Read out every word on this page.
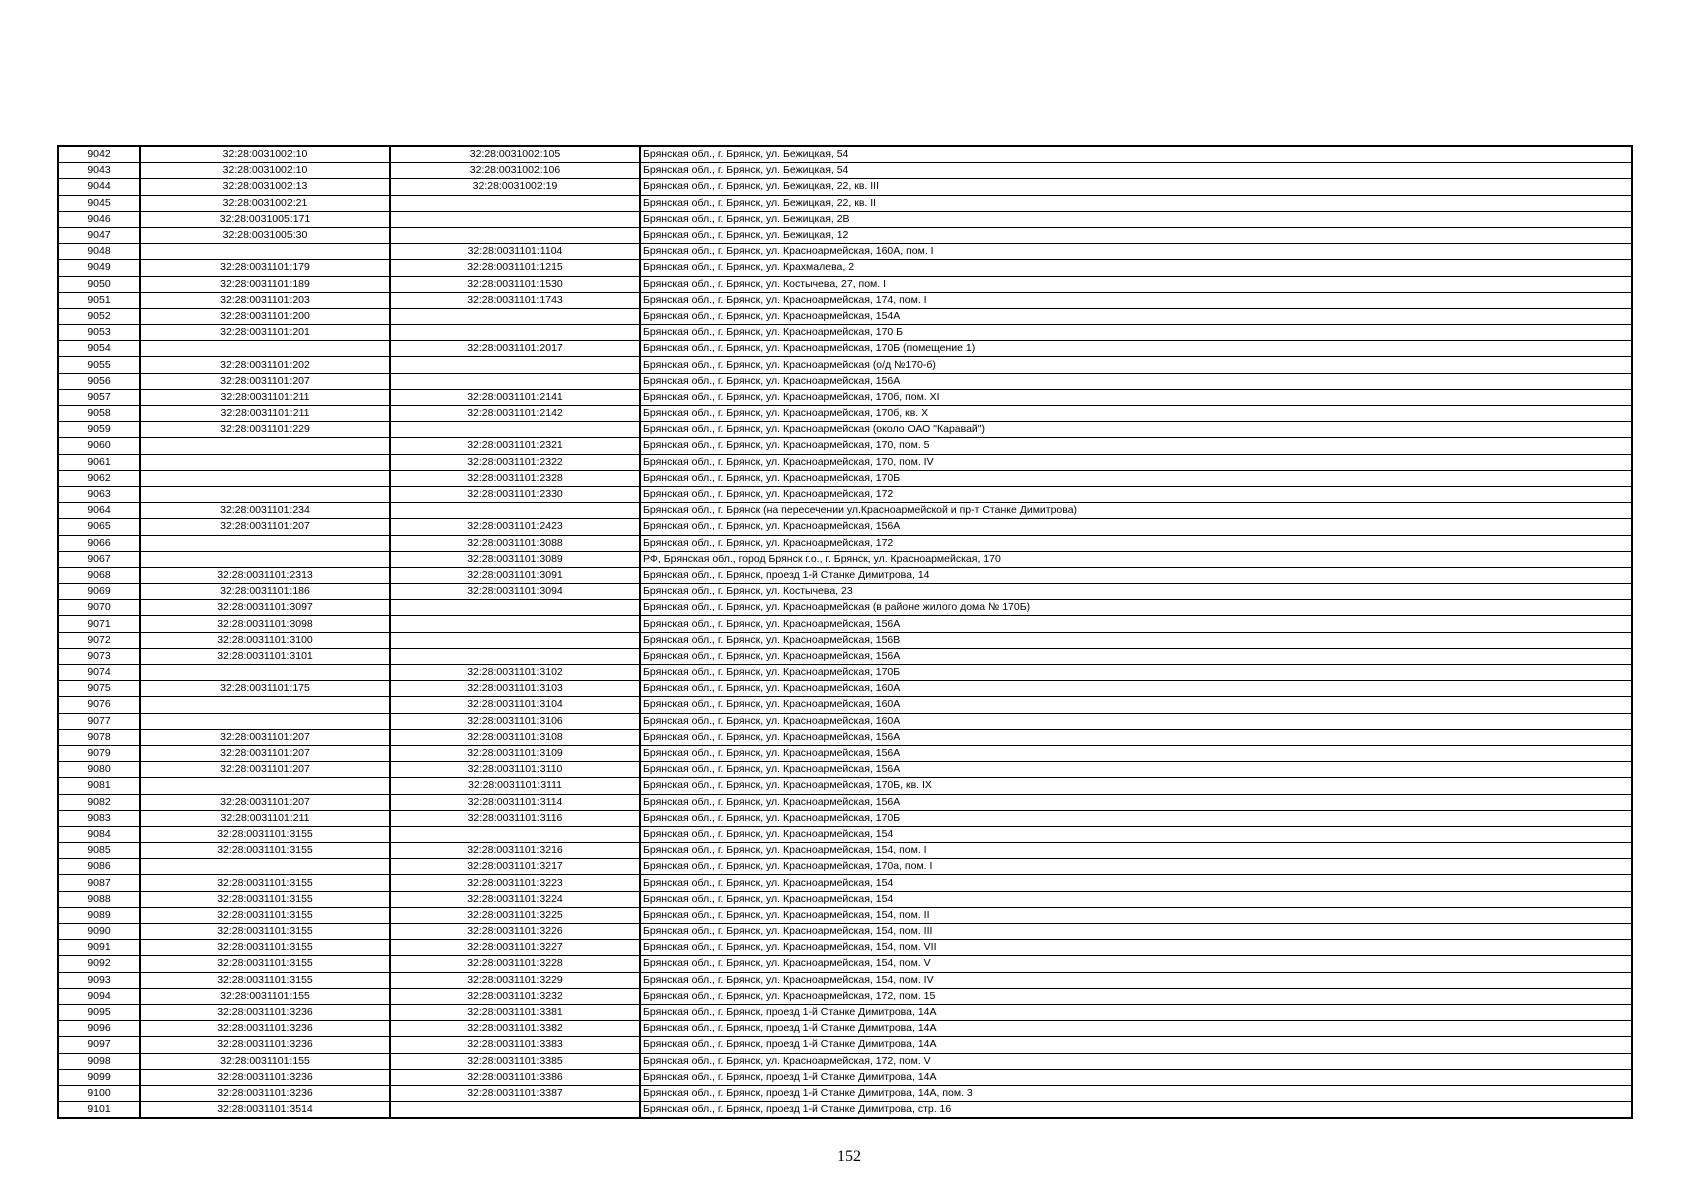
9042	32:28:0031002:10	32:28:0031002:105	Брянская обл., г. Брянск, ул. Бежицкая, 54
9043	32:28:0031002:10	32:28:0031002:106	Брянская обл., г. Брянск, ул. Бежицкая, 54
9044	32:28:0031002:13	32:28:0031002:19	Брянская обл., г. Брянск, ул. Бежицкая, 22, кв. III
9045	32:28:0031002:21		Брянская обл., г. Брянск, ул. Бежицкая, 22, кв. II
9046	32:28:0031005:171		Брянская обл., г. Брянск, ул. Бежицкая, 2В
9047	32:28:0031005:30		Брянская обл., г. Брянск, ул. Бежицкая, 12
9048		32:28:0031101:1104	Брянская обл., г. Брянск, ул. Красноармейская, 160А, пом. I
9049	32:28:0031101:179	32:28:0031101:1215	Брянская обл., г. Брянск, ул. Крахмалева, 2
9050	32:28:0031101:189	32:28:0031101:1530	Брянская обл., г. Брянск, ул. Костычева, 27, пом. I
9051	32:28:0031101:203	32:28:0031101:1743	Брянская обл., г. Брянск, ул. Красноармейская, 174, пом. I
9052	32:28:0031101:200		Брянская обл., г. Брянск, ул. Красноармейская, 154А
9053	32:28:0031101:201		Брянская обл., г. Брянск, ул. Красноармейская, 170 Б
9054		32:28:0031101:2017	Брянская обл., г. Брянск, ул. Красноармейская, 170Б (помещение 1)
9055	32:28:0031101:202		Брянская обл., г. Брянск, ул. Красноармейская (о/д №170-б)
9056	32:28:0031101:207		Брянская обл., г. Брянск, ул. Красноармейская, 156А
9057	32:28:0031101:211	32:28:0031101:2141	Брянская обл., г. Брянск, ул. Красноармейская, 170б, пом. XI
9058	32:28:0031101:211	32:28:0031101:2142	Брянская обл., г. Брянск, ул. Красноармейская, 170б, кв. X
9059	32:28:0031101:229		Брянская обл., г. Брянск, ул. Красноармейская (около ОАО "Каравай")
9060		32:28:0031101:2321	Брянская обл., г. Брянск, ул. Красноармейская, 170, пом. 5
9061		32:28:0031101:2322	Брянская обл., г. Брянск, ул. Красноармейская, 170, пом. IV
9062		32:28:0031101:2328	Брянская обл., г. Брянск, ул. Красноармейская, 170Б
9063		32:28:0031101:2330	Брянская обл., г. Брянск, ул. Красноармейская, 172
9064	32:28:0031101:234		Брянская обл., г. Брянск (на пересечении ул.Красноармейской и пр-т Станке Димитрова)
9065	32:28:0031101:207	32:28:0031101:2423	Брянская обл., г. Брянск, ул. Красноармейская, 156А
9066		32:28:0031101:3088	Брянская обл., г. Брянск, ул. Красноармейская, 172
9067		32:28:0031101:3089	РФ, Брянская обл., город Брянск г.о., г. Брянск, ул. Красноармейская, 170
9068	32:28:0031101:2313	32:28:0031101:3091	Брянская обл., г. Брянск, проезд 1-й Станке Димитрова, 14
9069	32:28:0031101:186	32:28:0031101:3094	Брянская обл., г. Брянск, ул. Костычева, 23
9070	32:28:0031101:3097		Брянская обл., г. Брянск, ул. Красноармейская (в районе жилого дома № 170Б)
9071	32:28:0031101:3098		Брянская обл., г. Брянск, ул. Красноармейская, 156А
9072	32:28:0031101:3100		Брянская обл., г. Брянск, ул. Красноармейская, 156В
9073	32:28:0031101:3101		Брянская обл., г. Брянск, ул. Красноармейская, 156А
9074		32:28:0031101:3102	Брянская обл., г. Брянск, ул. Красноармейская, 170Б
9075	32:28:0031101:175	32:28:0031101:3103	Брянская обл., г. Брянск, ул. Красноармейская, 160А
9076		32:28:0031101:3104	Брянская обл., г. Брянск, ул. Красноармейская, 160А
9077		32:28:0031101:3106	Брянская обл., г. Брянск, ул. Красноармейская, 160А
9078	32:28:0031101:207	32:28:0031101:3108	Брянская обл., г. Брянск, ул. Красноармейская, 156А
9079	32:28:0031101:207	32:28:0031101:3109	Брянская обл., г. Брянск, ул. Красноармейская, 156А
9080	32:28:0031101:207	32:28:0031101:3110	Брянская обл., г. Брянск, ул. Красноармейская, 156А
9081		32:28:0031101:3111	Брянская обл., г. Брянск, ул. Красноармейская, 170Б, кв. IX
9082	32:28:0031101:207	32:28:0031101:3114	Брянская обл., г. Брянск, ул. Красноармейская, 156А
9083	32:28:0031101:211	32:28:0031101:3116	Брянская обл., г. Брянск, ул. Красноармейская, 170Б
9084	32:28:0031101:3155		Брянская обл., г. Брянск, ул. Красноармейская, 154
9085	32:28:0031101:3155	32:28:0031101:3216	Брянская обл., г. Брянск, ул. Красноармейская, 154, пом. I
9086		32:28:0031101:3217	Брянская обл., г. Брянск, ул. Красноармейская, 170а, пом. I
9087	32:28:0031101:3155	32:28:0031101:3223	Брянская обл., г. Брянск, ул. Красноармейская, 154
9088	32:28:0031101:3155	32:28:0031101:3224	Брянская обл., г. Брянск, ул. Красноармейская, 154
9089	32:28:0031101:3155	32:28:0031101:3225	Брянская обл., г. Брянск, ул. Красноармейская, 154, пом. II
9090	32:28:0031101:3155	32:28:0031101:3226	Брянская обл., г. Брянск, ул. Красноармейская, 154, пом. III
9091	32:28:0031101:3155	32:28:0031101:3227	Брянская обл., г. Брянск, ул. Красноармейская, 154, пом. VII
9092	32:28:0031101:3155	32:28:0031101:3228	Брянская обл., г. Брянск, ул. Красноармейская, 154, пом. V
9093	32:28:0031101:3155	32:28:0031101:3229	Брянская обл., г. Брянск, ул. Красноармейская, 154, пом. IV
9094	32:28:0031101:155	32:28:0031101:3232	Брянская обл., г. Брянск, ул. Красноармейская, 172, пом. 15
9095	32:28:0031101:3236	32:28:0031101:3381	Брянская обл., г. Брянск, проезд 1-й Станке Димитрова, 14А
9096	32:28:0031101:3236	32:28:0031101:3382	Брянская обл., г. Брянск, проезд 1-й Станке Димитрова, 14А
9097	32:28:0031101:3236	32:28:0031101:3383	Брянская обл., г. Брянск, проезд 1-й Станке Димитрова, 14А
9098	32:28:0031101:155	32:28:0031101:3385	Брянская обл., г. Брянск, ул. Красноармейская, 172, пом. V
9099	32:28:0031101:3236	32:28:0031101:3386	Брянская обл., г. Брянск, проезд 1-й Станке Димитрова, 14А
9100	32:28:0031101:3236	32:28:0031101:3387	Брянская обл., г. Брянск, проезд 1-й Станке Димитрова, 14А, пом. 3
9101	32:28:0031101:3514		Брянская обл., г. Брянск, проезд 1-й Станке Димитрова, стр. 16
152
